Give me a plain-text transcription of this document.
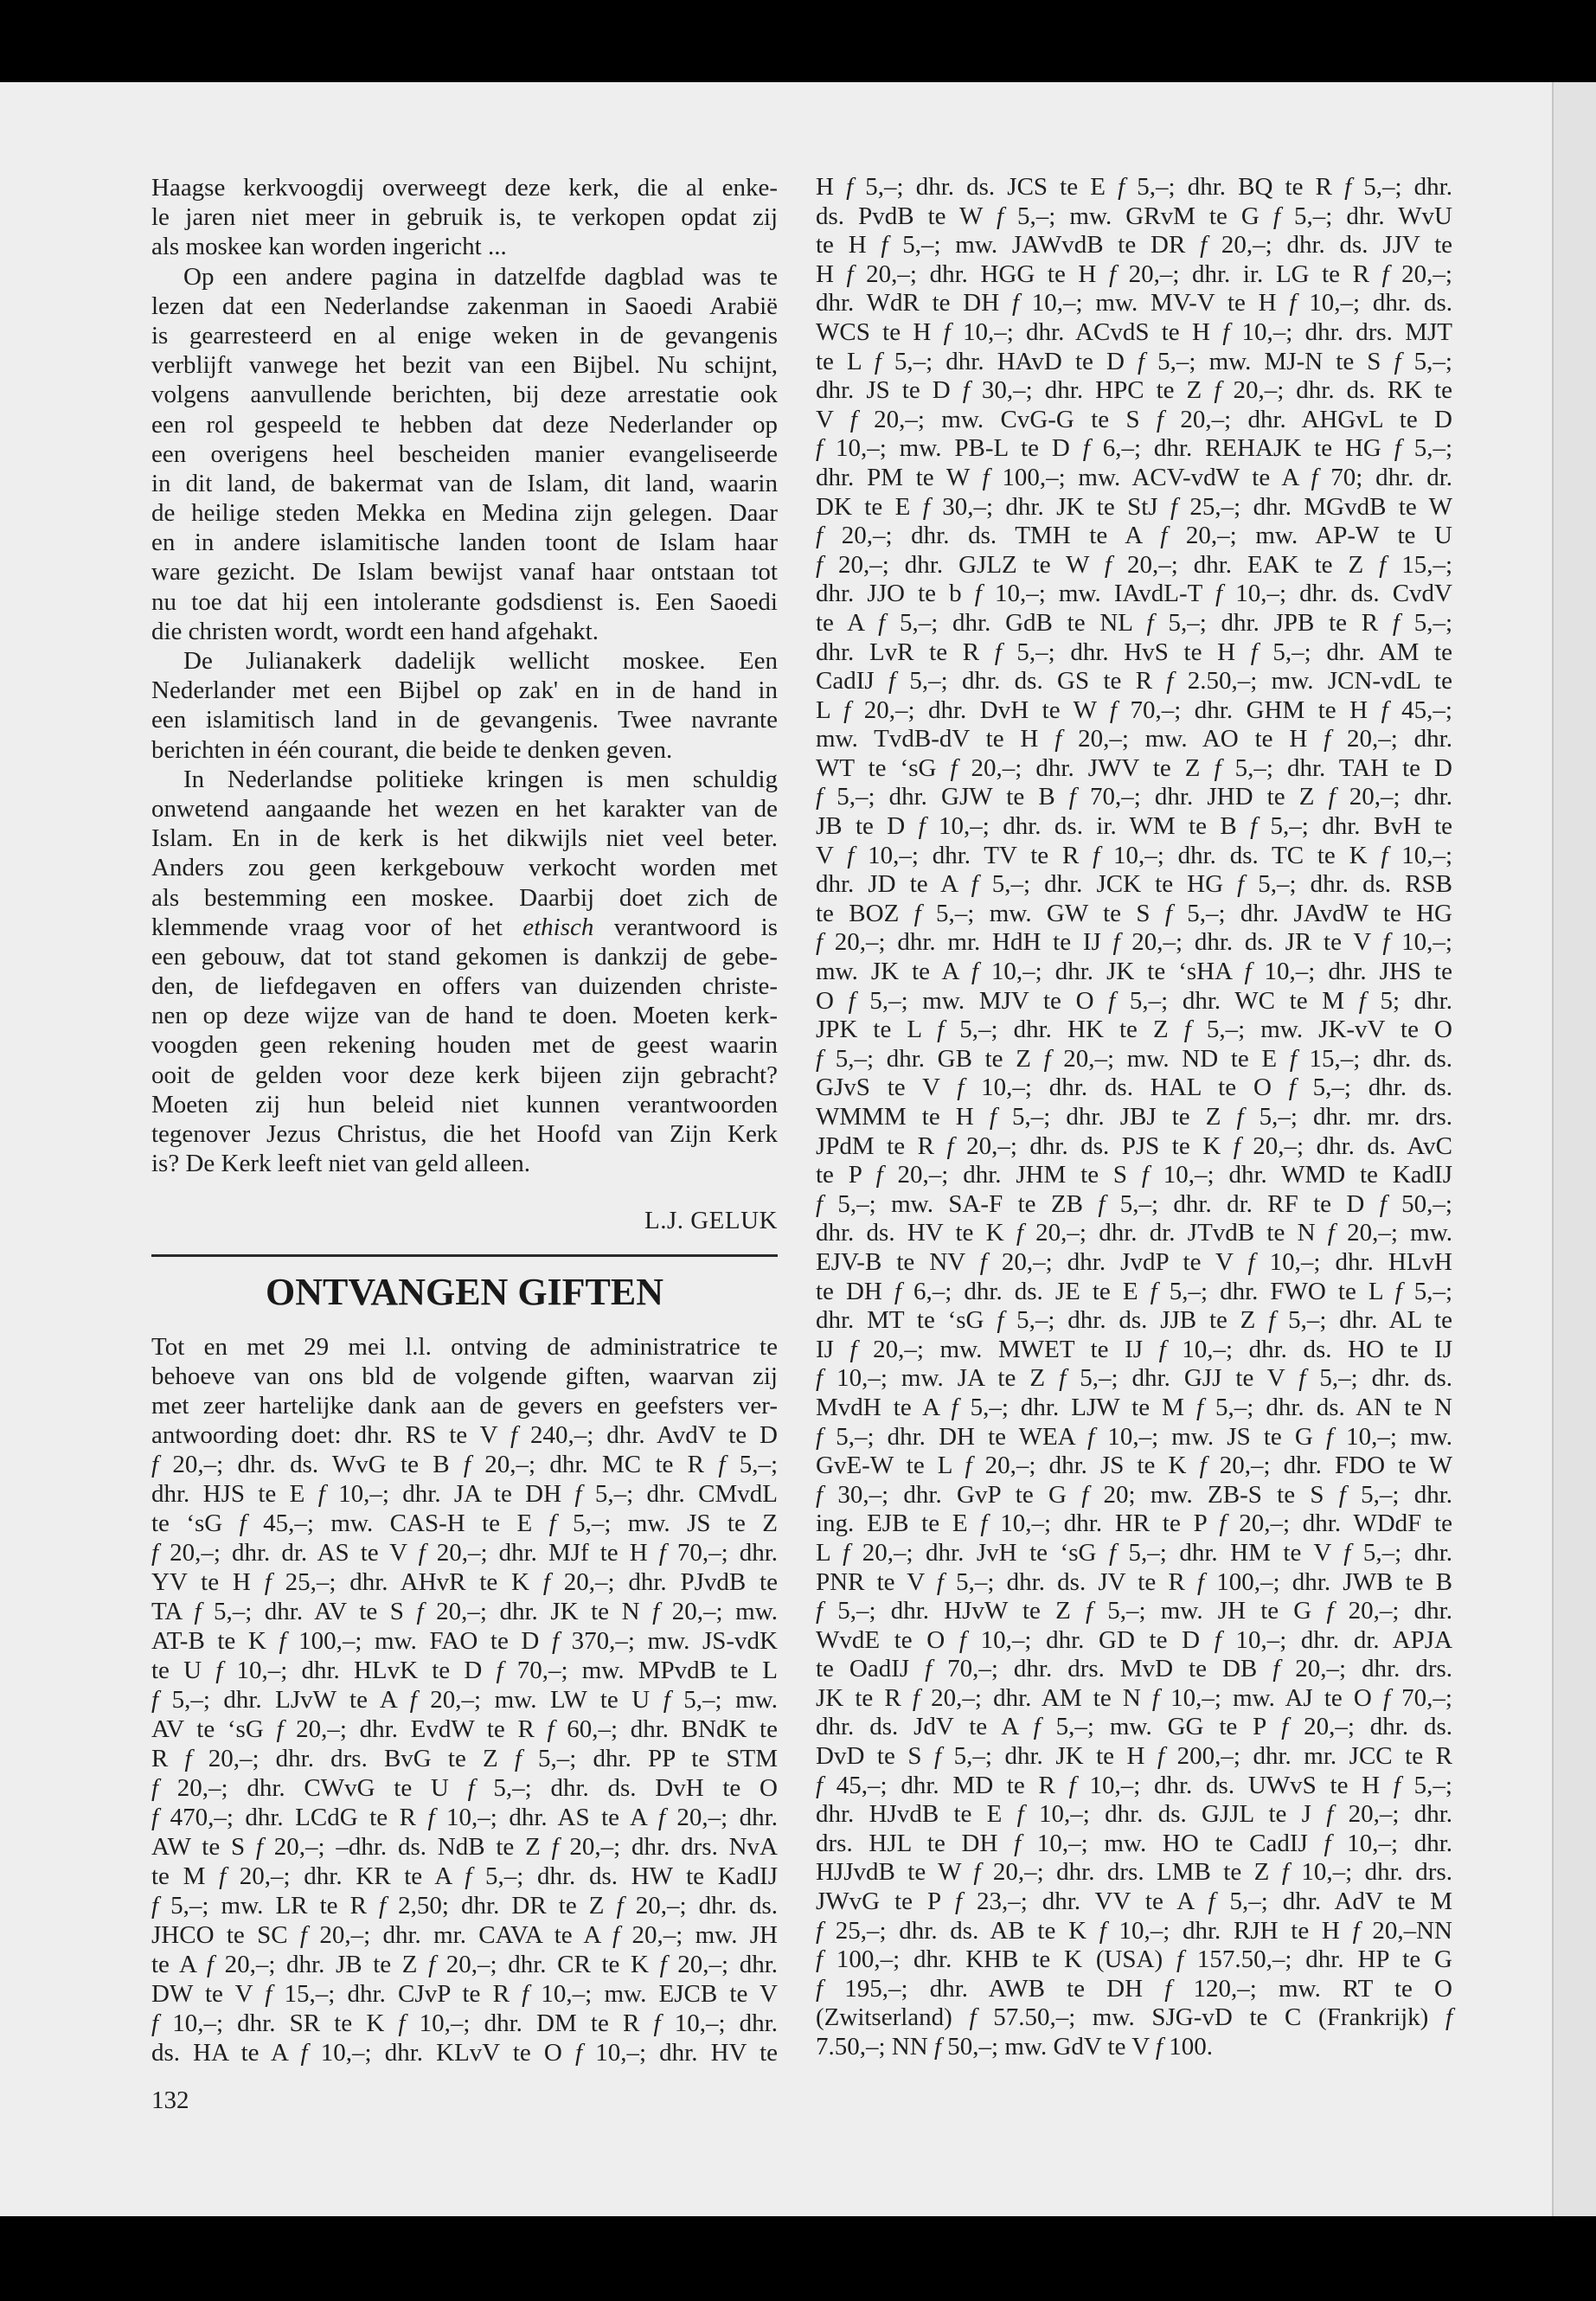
Haagse kerkvoogdij overweegt deze kerk, die al enke-
le jaren niet meer in gebruik is, te verkopen opdat zij
als moskee kan worden ingericht ...
Op een andere pagina in datzelfde dagblad was te
lezen dat een Nederlandse zakenman in Saoedi Arabië
is gearresteerd en al enige weken in de gevangenis
verblijft vanwege het bezit van een Bijbel. Nu schijnt,
volgens aanvullende berichten, bij deze arrestatie ook
een rol gespeeld te hebben dat deze Nederlander op
een overigens heel bescheiden manier evangeliseerde
in dit land, de bakermat van de Islam, dit land, waarin
de heilige steden Mekka en Medina zijn gelegen. Daar
en in andere islamitische landen toont de Islam haar
ware gezicht. De Islam bewijst vanaf haar ontstaan tot
nu toe dat hij een intolerante godsdienst is. Een Saoedi
die christen wordt, wordt een hand afgehakt.
De Julianakerk dadelijk wellicht moskee. Een
Nederlander met een Bijbel op zak' en in de hand in
een islamitisch land in de gevangenis. Twee navrante
berichten in één courant, die beide te denken geven.
In Nederlandse politieke kringen is men schuldig
onwetend aangaande het wezen en het karakter van de
Islam. En in de kerk is het dikwijls niet veel beter.
Anders zou geen kerkgebouw verkocht worden met
als bestemming een moskee. Daarbij doet zich de
klemmende vraag voor of het ethisch verantwoord is
een gebouw, dat tot stand gekomen is dankzij de gebe-
den, de liefdegaven en offers van duizenden christe-
nen op deze wijze van de hand te doen. Moeten kerk-
voogden geen rekening houden met de geest waarin
ooit de gelden voor deze kerk bijeen zijn gebracht?
Moeten zij hun beleid niet kunnen verantwoorden
tegenover Jezus Christus, die het Hoofd van Zijn Kerk
is? De Kerk leeft niet van geld alleen.
L.J. GELUK
ONTVANGEN GIFTEN
Tot en met 29 mei l.l. ontving de administratrice te
behoeve van ons bld de volgende giften, waarvan zij
met zeer hartelijke dank aan de gevers en geefsters ver-
antwoording doet: dhr. RS te V f 240,–; dhr. AvdV te D
f 20,–; dhr. ds. WvG te B f 20,–; dhr. MC te R f 5,–;
dhr. HJS te E f 10,–; dhr. JA te DH f 5,–; dhr. CMvdL
te ‘sG f 45,–; mw. CAS-H te E f 5,–; mw. JS te Z
f 20,–; dhr. dr. AS te V f 20,–; dhr. MJf te H f 70,–; dhr.
YV te H f 25,–; dhr. AHvR te K f 20,–; dhr. PJvdB te
TA f 5,–; dhr. AV te S f 20,–; dhr. JK te N f 20,–; mw.
AT-B te K f 100,–; mw. FAO te D f 370,–; mw. JS-vdK
te U f 10,–; dhr. HLvK te D f 70,–; mw. MPvdB te L
f 5,–; dhr. LJvW te A f 20,–; mw. LW te U f 5,–; mw.
AV te ‘sG f 20,–; dhr. EvdW te R f 60,–; dhr. BNdK te
R f 20,–; dhr. drs. BvG te Z f 5,–; dhr. PP te STM
f 20,–; dhr. CWvG te U f 5,–; dhr. ds. DvH te O
f 470,–; dhr. LCdG te R f 10,–; dhr. AS te A f 20,–; dhr.
AW te S f 20,–; –dhr. ds. NdB te Z f 20,–; dhr. drs. NvA
te M f 20,–; dhr. KR te A f 5,–; dhr. ds. HW te KadIJ
f 5,–; mw. LR te R f 2,50; dhr. DR te Z f 20,–; dhr. ds.
JHCO te SC f 20,–; dhr. mr. CAVA te A f 20,–; mw. JH
te A f 20,–; dhr. JB te Z f 20,–; dhr. CR te K f 20,–; dhr.
DW te V f 15,–; dhr. CJvP te R f 10,–; mw. EJCB te V
f 10,–; dhr. SR te K f 10,–; dhr. DM te R f 10,–; dhr.
ds. HA te A f 10,–; dhr. KLvV te O f 10,–; dhr. HV te
H f 5,–; dhr. ds. JCS te E f 5,–; dhr. BQ te R f 5,–; dhr.
ds. PvdB te W f 5,–; mw. GRvM te G f 5,–; dhr. WvU
te H f 5,–; mw. JAWvdB te DR f 20,–; dhr. ds. JJV te
H f 20,–; dhr. HGG te H f 20,–; dhr. ir. LG te R f 20,–;
dhr. WdR te DH f 10,–; mw. MV-V te H f 10,–; dhr. ds.
WCS te H f 10,–; dhr. ACvdS te H f 10,–; dhr. drs. MJT
te L f 5,–; dhr. HAvD te D f 5,–; mw. MJ-N te S f 5,–;
dhr. JS te D f 30,–; dhr. HPC te Z f 20,–; dhr. ds. RK te
V f 20,–; mw. CvG-G te S f 20,–; dhr. AHGvL te D
f 10,–; mw. PB-L te D f 6,–; dhr. REHAJK te HG f 5,–;
dhr. PM te W f 100,–; mw. ACV-vdW te A f 70; dhr. dr.
DK te E f 30,–; dhr. JK te StJ f 25,–; dhr. MGvdB te W
f 20,–; dhr. ds. TMH te A f 20,–; mw. AP-W te U
f 20,–; dhr. GJLZ te W f 20,–; dhr. EAK te Z f 15,–;
dhr. JJO te b f 10,–; mw. IAvdL-T f 10,–; dhr. ds. CvdV
te A f 5,–; dhr. GdB te NL f 5,–; dhr. JPB te R f 5,–;
dhr. LvR te R f 5,–; dhr. HvS te H f 5,–; dhr. AM te
CadIJ f 5,–; dhr. ds. GS te R f 2.50,–; mw. JCN-vdL te
L f 20,–; dhr. DvH te W f 70,–; dhr. GHM te H f 45,–;
mw. TvdB-dV te H f 20,–; mw. AO te H f 20,–; dhr.
WT te ‘sG f 20,–; dhr. JWV te Z f 5,–; dhr. TAH te D
f 5,–; dhr. GJW te B f 70,–; dhr. JHD te Z f 20,–; dhr.
JB te D f 10,–; dhr. ds. ir. WM te B f 5,–; dhr. BvH te
V f 10,–; dhr. TV te R f 10,–; dhr. ds. TC te K f 10,–;
dhr. JD te A f 5,–; dhr. JCK te HG f 5,–; dhr. ds. RSB
te BOZ f 5,–; mw. GW te S f 5,–; dhr. JAvdW te HG
f 20,–; dhr. mr. HdH te IJ f 20,–; dhr. ds. JR te V f 10,–;
mw. JK te A f 10,–; dhr. JK te ‘sHA f 10,–; dhr. JHS te
O f 5,–; mw. MJV te O f 5,–; dhr. WC te M f 5; dhr.
JPK te L f 5,–; dhr. HK te Z f 5,–; mw. JK-vV te O
f 5,–; dhr. GB te Z f 20,–; mw. ND te E f 15,–; dhr. ds.
GJvS te V f 10,–; dhr. ds. HAL te O f 5,–; dhr. ds.
WMMM te H f 5,–; dhr. JBJ te Z f 5,–; dhr. mr. drs.
JPdM te R f 20,–; dhr. ds. PJS te K f 20,–; dhr. ds. AvC
te P f 20,–; dhr. JHM te S f 10,–; dhr. WMD te KadIJ
f 5,–; mw. SA-F te ZB f 5,–; dhr. dr. RF te D f 50,–;
dhr. ds. HV te K f 20,–; dhr. dr. JTvdB te N f 20,–; mw.
EJV-B te NV f 20,–; dhr. JvdP te V f 10,–; dhr. HLvH
te DH f 6,–; dhr. ds. JE te E f 5,–; dhr. FWO te L f 5,–;
dhr. MT te ‘sG f 5,–; dhr. ds. JJB te Z f 5,–; dhr. AL te
IJ f 20,–; mw. MWET te IJ f 10,–; dhr. ds. HO te IJ
f 10,–; mw. JA te Z f 5,–; dhr. GJJ te V f 5,–; dhr. ds.
MvdH te A f 5,–; dhr. LJW te M f 5,–; dhr. ds. AN te N
f 5,–; dhr. DH te WEA f 10,–; mw. JS te G f 10,–; mw.
GvE-W te L f 20,–; dhr. JS te K f 20,–; dhr. FDO te W
f 30,–; dhr. GvP te G f 20; mw. ZB-S te S f 5,–; dhr.
ing. EJB te E f 10,–; dhr. HR te P f 20,–; dhr. WDdF te
L f 20,–; dhr. JvH te ‘sG f 5,–; dhr. HM te V f 5,–; dhr.
PNR te V f 5,–; dhr. ds. JV te R f 100,–; dhr. JWB te B
f 5,–; dhr. HJvW te Z f 5,–; mw. JH te G f 20,–; dhr.
WvdE te O f 10,–; dhr. GD te D f 10,–; dhr. dr. APJA
te OadIJ f 70,–; dhr. drs. MvD te DB f 20,–; dhr. drs.
JK te R f 20,–; dhr. AM te N f 10,–; mw. AJ te O f 70,–;
dhr. ds. JdV te A f 5,–; mw. GG te P f 20,–; dhr. ds.
DvD te S f 5,–; dhr. JK te H f 200,–; dhr. mr. JCC te R
f 45,–; dhr. MD te R f 10,–; dhr. ds. UWvS te H f 5,–;
dhr. HJvdB te E f 10,–; dhr. ds. GJJL te J f 20,–; dhr.
drs. HJL te DH f 10,–; mw. HO te CadIJ f 10,–; dhr.
HJJvdB te W f 20,–; dhr. drs. LMB te Z f 10,–; dhr. drs.
JWvG te P f 23,–; dhr. VV te A f 5,–; dhr. AdV te M
f 25,–; dhr. ds. AB te K f 10,–; dhr. RJH te H f 20,–NN
f 100,–; dhr. KHB te K (USA) f 157.50,–; dhr. HP te G
f 195,–; dhr. AWB te DH f 120,–; mw. RT te O
(Zwitserland) f 57.50,–; mw. SJG-vD te C (Frankrijk) f
7.50,–; NN f 50,–; mw. GdV te V f 100.
132
